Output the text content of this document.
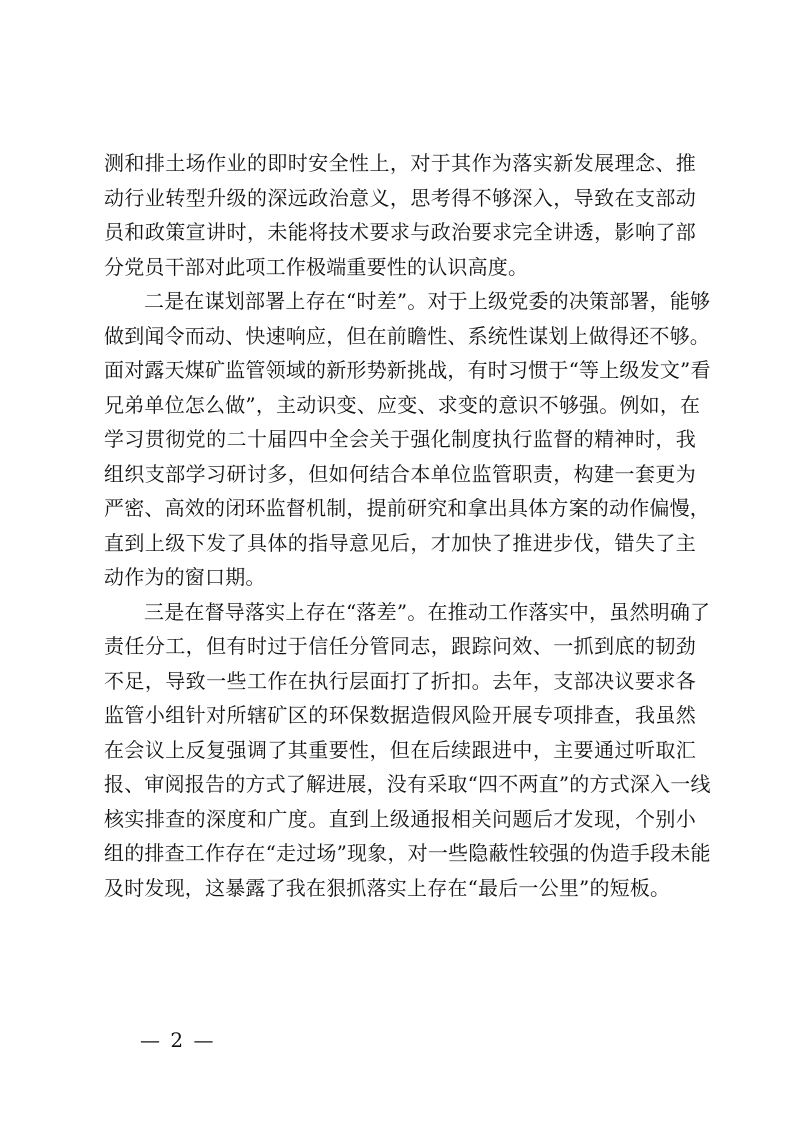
测和排土场作业的即时安全性上，对于其作为落实新发展理念、推
动行业转型升级的深远政治意义，思考得不够深入，导致在支部动
员和政策宣讲时，未能将技术要求与政治要求完全讲透，影响了部
分党员干部对此项工作极端重要性的认识高度。
二是在谋划部署上存在“时差”。对于上级党委的决策部署，能够
做到闻令而动、快速响应，但在前瞻性、系统性谋划上做得还不够。
面对露天煤矿监管领域的新形势新挑战，有时习惯于“等上级发文”看
兄弟单位怎么做”，主动识变、应变、求变的意识不够强。例如，在
学习贯彻党的二十届四中全会关于强化制度执行监督的精神时，我
组织支部学习研讨多，但如何结合本单位监管职责，构建一套更为
严密、高效的闭环监督机制，提前研究和拿出具体方案的动作偏慢，
直到上级下发了具体的指导意见后，才加快了推进步伐，错失了主
动作为的窗口期。
三是在督导落实上存在“落差”。在推动工作落实中，虽然明确了
责任分工，但有时过于信任分管同志，跟踪问效、一抓到底的韧劲
不足，导致一些工作在执行层面打了折扣。去年，支部决议要求各
监管小组针对所辖矿区的环保数据造假风险开展专项排查，我虽然
在会议上反复强调了其重要性，但在后续跟进中，主要通过听取汇
报、审阅报告的方式了解进展，没有采取“四不两直”的方式深入一线
核实排查的深度和广度。直到上级通报相关问题后才发现，个别小
组的排查工作存在“走过场”现象，对一些隐蔽性较强的伪造手段未能
及时发现，这暴露了我在狠抓落实上存在“最后一公里”的短板。
— 2 —
